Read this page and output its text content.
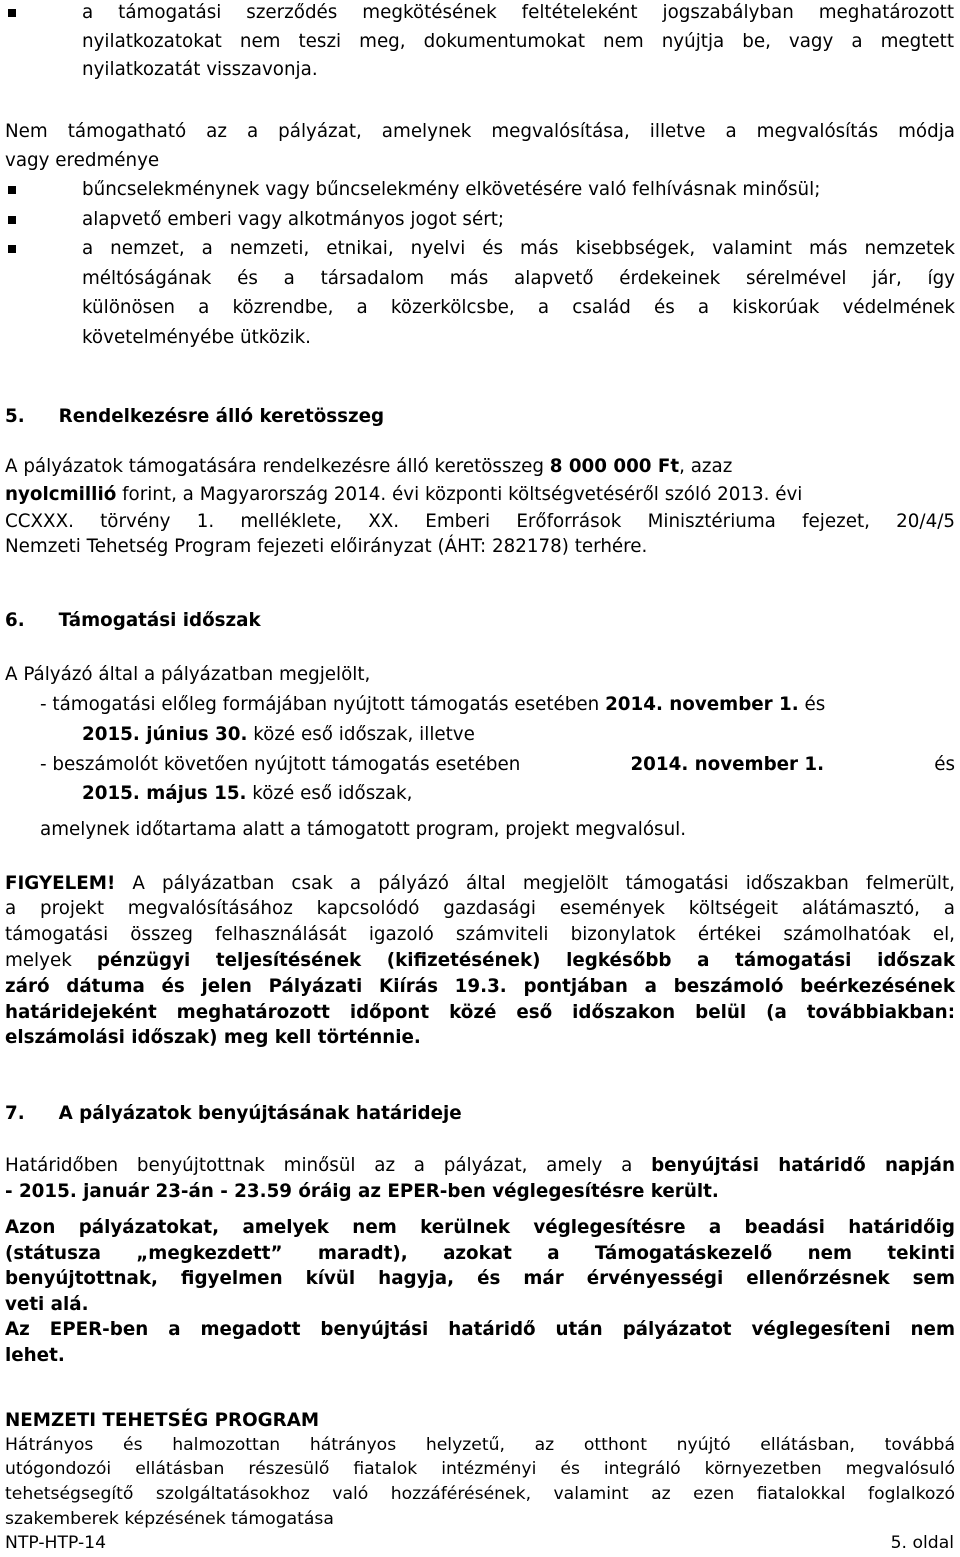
a támogatási szerződés megkötésének feltételeként jogszabályban meghatározott
nyilatkozatokat nem teszi meg, dokumentumokat nem nyújtja be, vagy a megtett
nyilatkozatát visszavonja.
Nem támogatható az a pályázat, amelynek megvalósítása, illetve a megvalósítás módja
vagy eredménye
bűncselekménynek vagy bűncselekmény elkövetésére való felhívásnak minősül;
alapvető emberi vagy alkotmányos jogot sért;
a nemzet, a nemzeti, etnikai, nyelvi és más kisebbségek, valamint más nemzetek
méltóságának és a társadalom más alapvető érdekeinek sérelmével jár, így
különösen a közrendbe, a közerkölcsbe, a család és a kiskorúak védelmének
követelményébe ütközik.
5. Rendelkezésre álló keretösszeg
A pályázatok támogatására rendelkezésre álló keretösszeg 8 000 000 Ft, azaz
nyolcmillió forint, a Magyarország 2014. évi központi költségvetéséről szóló 2013. évi
CCXXX. törvény 1. melléklete, XX. Emberi Erőforrások Minisztériuma fejezet, 20/4/5
Nemzeti Tehetség Program fejezeti előirányzat (ÁHT: 282178) terhére.
6. Támogatási időszak
A Pályázó által a pályázatban megjelölt,
- támogatási előleg formájában nyújtott támogatás esetében 2014. november 1. és
2015. június 30. közé eső időszak, illetve
- beszámolót követően nyújtott támogatás esetében	2014. november 1.	és
2015. május 15. közé eső időszak,
amelynek időtartama alatt a támogatott program, projekt megvalósul.
FIGYELEM! A pályázatban csak a pályázó által megjelölt támogatási időszakban felmerült,
a projekt megvalósításához kapcsolódó gazdasági események költségeit alátámasztó, a
támogatási összeg felhasználását igazoló számviteli bizonylatok értékei számolhatóak el,
melyek pénzügyi teljesítésének (kifizetésének) legkésőbb a támogatási időszak
záró dátuma és jelen Pályázati Kiírás 19.3. pontjában a beszámoló beérkezésének
határidejeként meghatározott időpont közé eső időszakon belül (a továbbiakban:
elszámolási időszak) meg kell történnie.
7. A pályázatok benyújtásának határideje
Határidőben benyújtottnak minősül az a pályázat, amely a benyújtási határidő napján
- 2015. január 23-án - 23.59 óráig az EPER-ben véglegesítésre került.
Azon pályázatokat, amelyek nem kerülnek véglegesítésre a beadási határidőig
(státusza „megkezdett” maradt), azokat a Támogatáskezelő nem tekinti
benyújtottnak, figyelmen kívül hagyja, és már érvényességi ellenőrzésnek sem
veti alá.
Az EPER-ben a megadott benyújtási határidő után pályázatot véglegesíteni nem
lehet.
NEMZETI TEHETSÉG PROGRAM
Hátrányos és halmozottan hátrányos helyzetű, az otthont nyújtó ellátásban, továbbá
utógondozói ellátásban részesülő fiatalok intézményi és integráló környezetben megvalósuló
tehetségsegítő szolgáltatásokhoz való hozzáférésének, valamint az ezen fiatalokkal foglalkozó
szakemberek képzésének támogatása
NTP-HTP-14	5. oldal
